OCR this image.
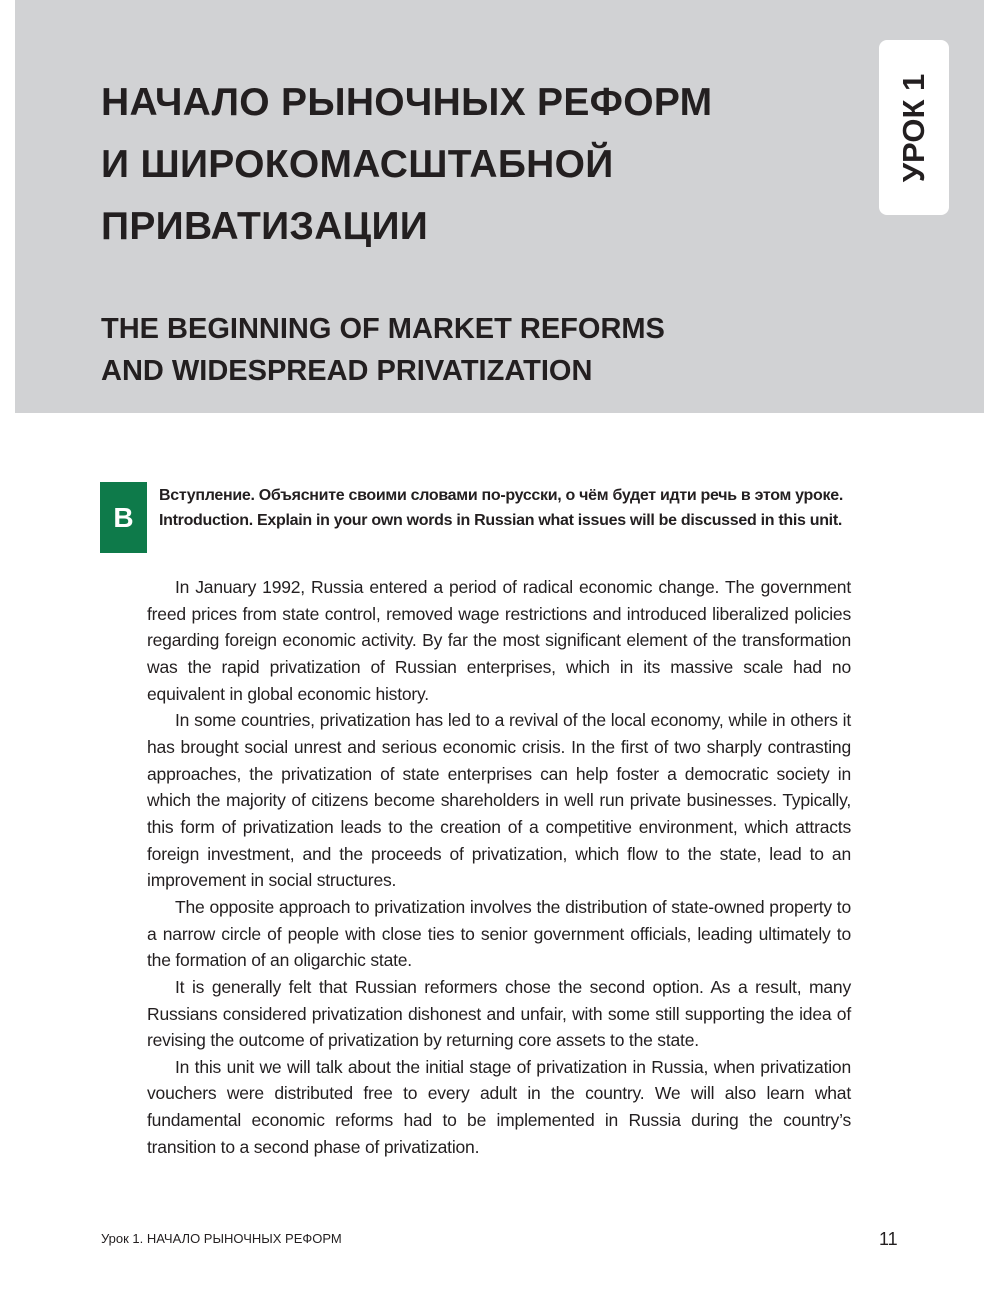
НАЧАЛО РЫНОЧНЫХ РЕФОРМ
И ШИРОКОМАСШТАБНОЙ
ПРИВАТИЗАЦИИ
THE BEGINNING OF MARKET REFORMS
AND WIDESPREAD PRIVATIZATION
УРОК 1
B
Вступление. Объясните своими словами по-русски, о чём будет идти речь в этом уроке.
Introduction. Explain in your own words in Russian what issues will be discussed in this unit.

In January 1992, Russia entered a period of radical economic change. The government freed prices from state control, removed wage restrictions and introduced liberalized policies regarding foreign economic activity. By far the most significant element of the transformation was the rapid privatization of Russian enterprises, which in its massive scale had no equivalent in global economic history.

In some countries, privatization has led to a revival of the local economy, while in others it has brought social unrest and serious economic crisis. In the first of two sharply contrasting approaches, the privatization of state enterprises can help foster a democratic society in which the majority of citizens become shareholders in well run private businesses. Typically, this form of privatization leads to the creation of a competitive environment, which attracts foreign investment, and the proceeds of privatization, which flow to the state, lead to an improvement in social structures.

The opposite approach to privatization involves the distribution of state-owned property to a narrow circle of people with close ties to senior government officials, leading ultimately to the formation of an oligarchic state.

It is generally felt that Russian reformers chose the second option. As a result, many Russians considered privatization dishonest and unfair, with some still supporting the idea of revising the outcome of privatization by returning core assets to the state.

In this unit we will talk about the initial stage of privatization in Russia, when privatization vouchers were distributed free to every adult in the country. We will also learn what fundamental economic reforms had to be implemented in Russia during the country’s transition to a second phase of privatization.

Урок 1. НАЧАЛО РЫНОЧНЫХ РЕФОРМ	11
